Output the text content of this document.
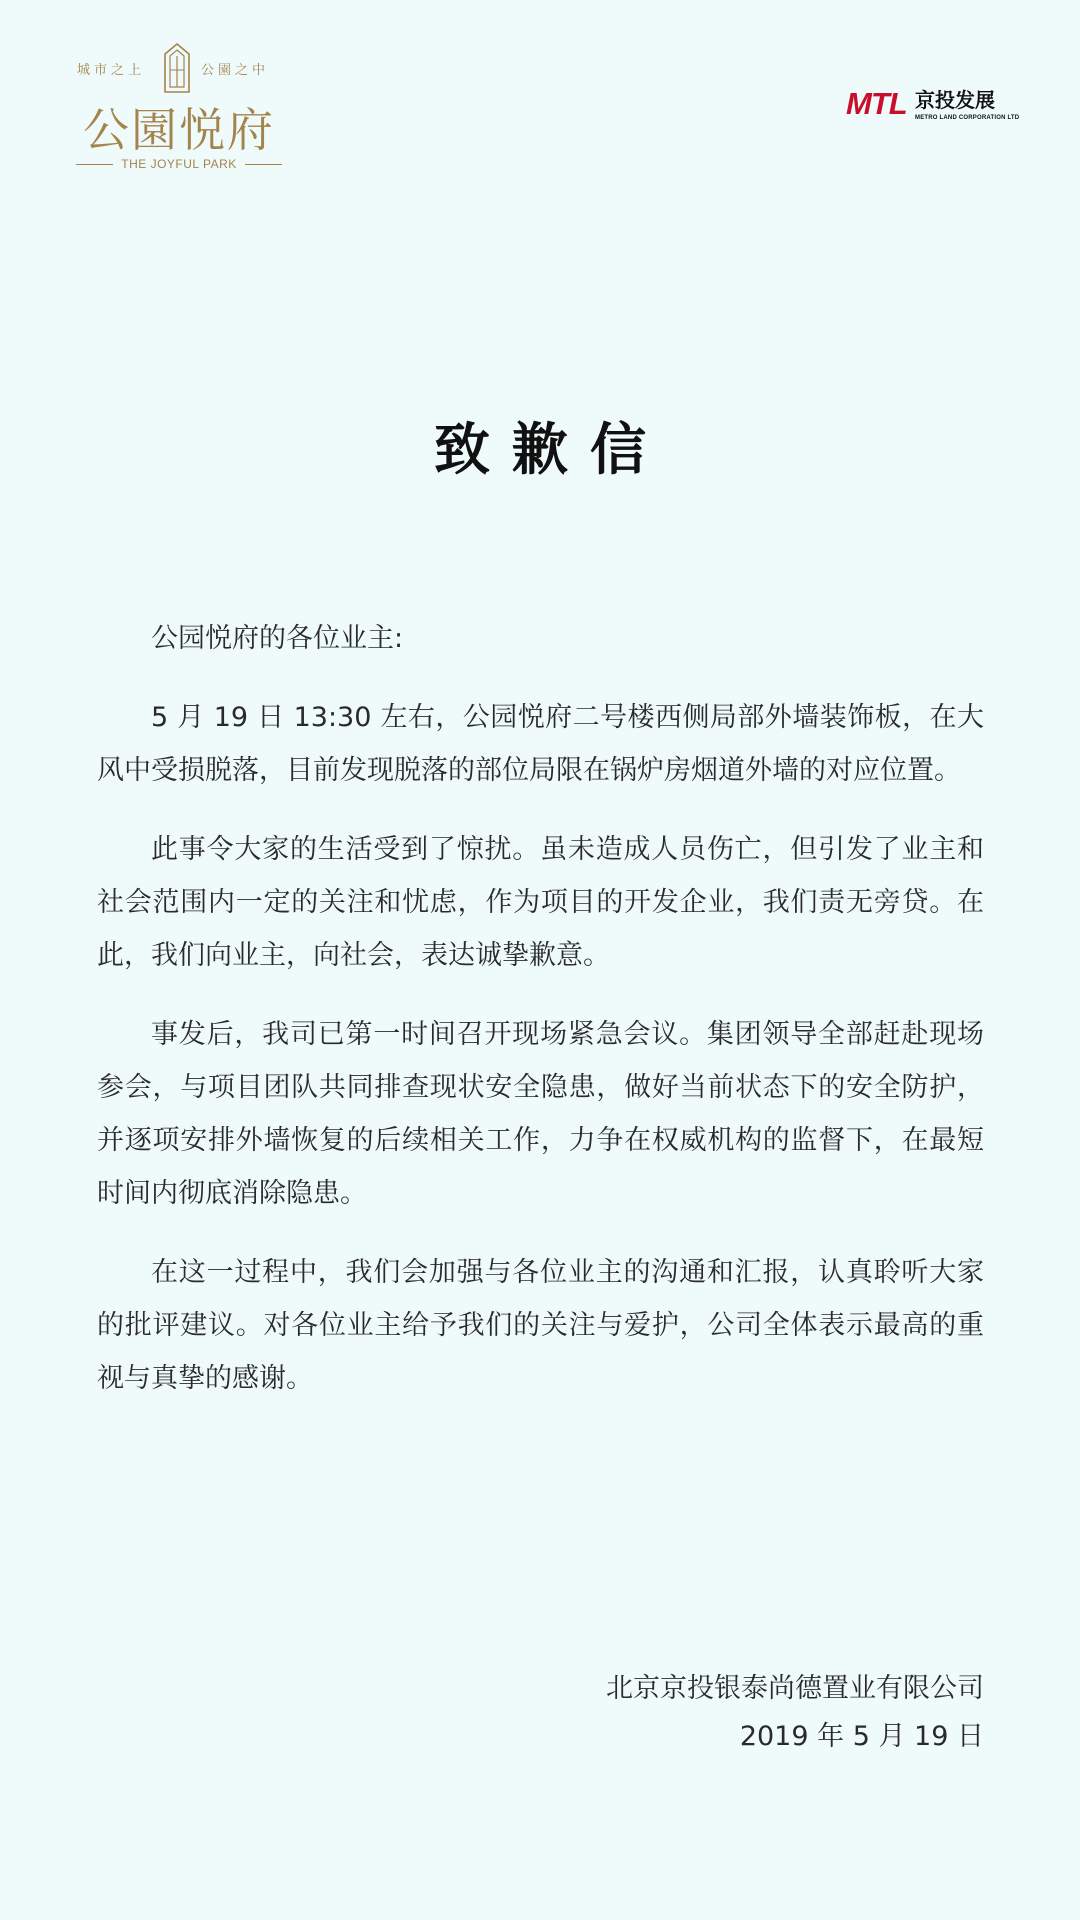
城市之上	公園之中
公園悦府
THE JOYFUL PARK
MTL 京投发展
METRO LAND CORPORATION LTD
致歉信

公园悦府的各位业主:

5 月 19 日 13:30 左右，公园悦府二号楼西侧局部外墙装饰板，在大风中受损脱落，目前发现脱落的部位局限在锅炉房烟道外墙的对应位置。

此事令大家的生活受到了惊扰。虽未造成人员伤亡，但引发了业主和社会范围内一定的关注和忧虑，作为项目的开发企业，我们责无旁贷。在此，我们向业主，向社会，表达诚挚歉意。

事发后，我司已第一时间召开现场紧急会议。集团领导全部赶赴现场参会，与项目团队共同排查现状安全隐患，做好当前状态下的安全防护，并逐项安排外墙恢复的后续相关工作，力争在权威机构的监督下，在最短时间内彻底消除隐患。

在这一过程中，我们会加强与各位业主的沟通和汇报，认真聆听大家的批评建议。对各位业主给予我们的关注与爱护，公司全体表示最高的重视与真挚的感谢。

北京京投银泰尚德置业有限公司
2019 年 5 月 19 日
